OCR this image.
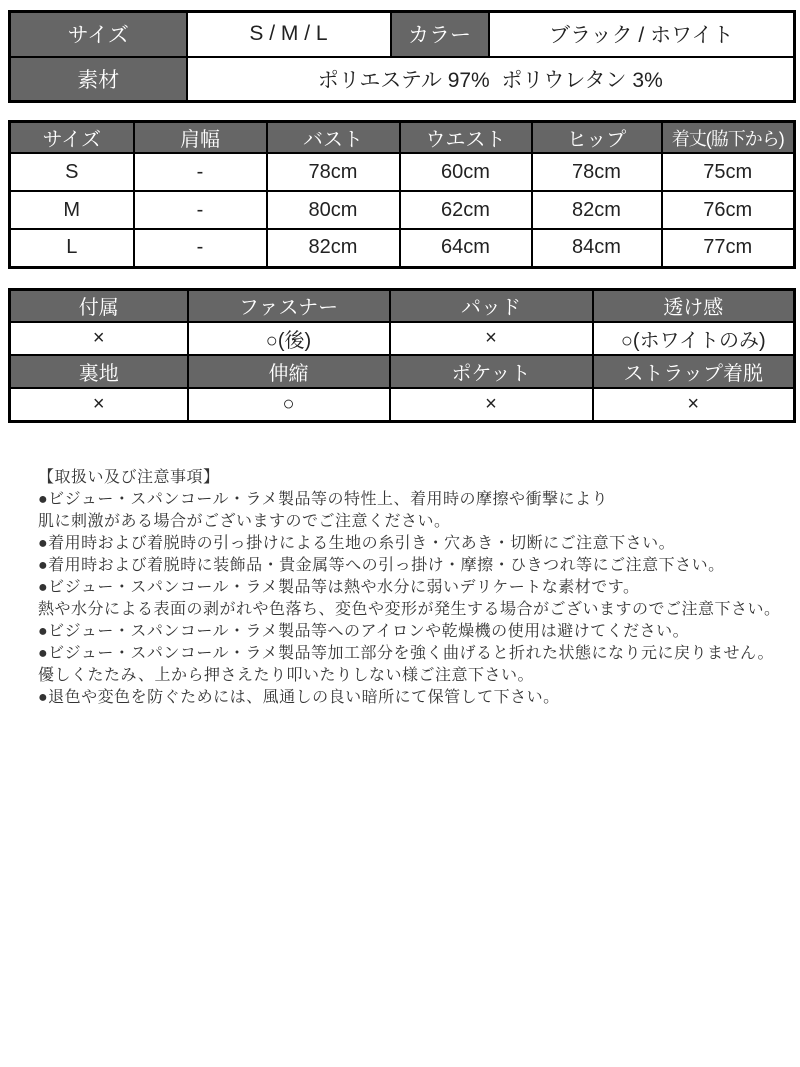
サイズ	S / M / L	カラー	ブラック / ホワイト
素材	ポリエステル 97%  ポリウレタン 3%		
サイズ	肩幅	バスト	ウエスト	ヒップ	着丈(脇下から)
S	-	78cm	60cm	78cm	75cm
M	-	80cm	62cm	82cm	76cm
L	-	82cm	64cm	84cm	77cm
付属	ファスナー	パッド	透け感
×	○(後)	×	○(ホワイトのみ)
裏地	伸縮	ポケット	ストラップ着脱
×	○	×	×
【取扱い及び注意事項】
●ビジュー・スパンコール・ラメ製品等の特性上、着用時の摩擦や衝撃により
肌に刺激がある場合がございますのでご注意ください。
●着用時および着脱時の引っ掛けによる生地の糸引き・穴あき・切断にご注意下さい。
●着用時および着脱時に装飾品・貴金属等への引っ掛け・摩擦・ひきつれ等にご注意下さい。
●ビジュー・スパンコール・ラメ製品等は熱や水分に弱いデリケートな素材です。
熱や水分による表面の剥がれや色落ち、変色や変形が発生する場合がございますのでご注意下さい。
●ビジュー・スパンコール・ラメ製品等へのアイロンや乾燥機の使用は避けてください。
●ビジュー・スパンコール・ラメ製品等加工部分を強く曲げると折れた状態になり元に戻りません。
優しくたたみ、上から押さえたり叩いたりしない様ご注意下さい。
●退色や変色を防ぐためには、風通しの良い暗所にて保管して下さい。
